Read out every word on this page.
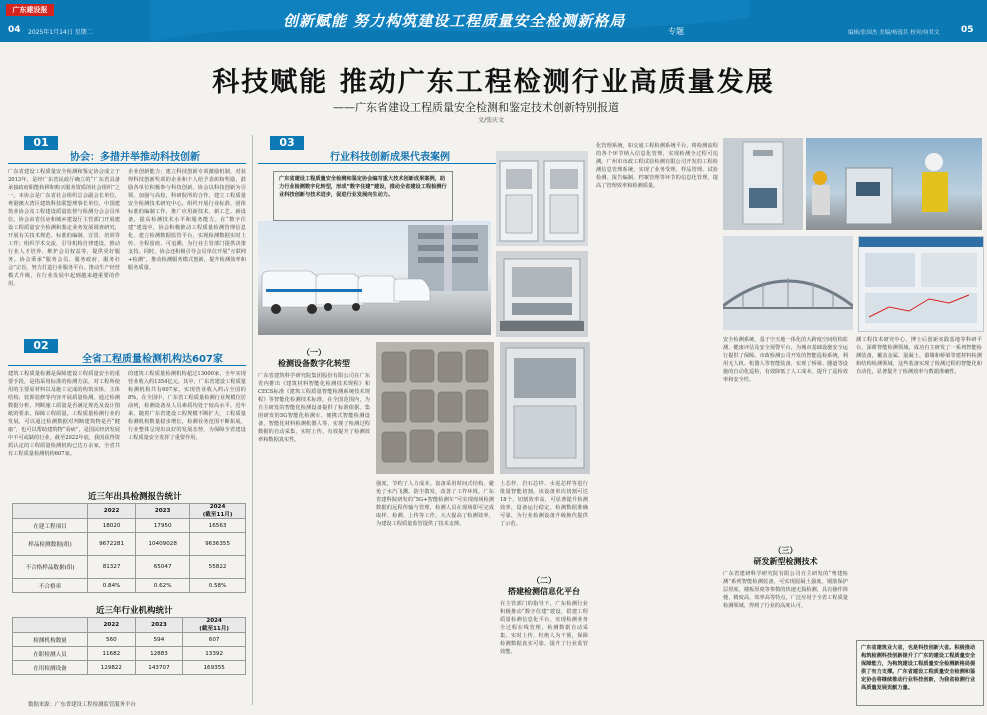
广东建设报
04 2025年1月14日 星期二
创新赋能 努力构筑建设工程质量安全检测新格局
专题	编辑/张国杰 美编/杨逸茗 校对/何君文 05
科技赋能 推动广东工程检测行业高质量发展
——广东省建设工程质量安全检测和鉴定技术创新特别报道
文/张庆文
01
协会：多措并举推动科技创新
广东省建设工程质量安全检测和鉴定协会成立于2013年，是经广东省民政厅确立的“广东省具备承接政府职能转移和购买服务资质的社会组织”之一。本协会是广东省社会组织总会副会长单位，粤港澳大湾区建筑科技联盟理事长单位，中国建筑业协会及工程建设质量监督与检测分会会员单位。协会由省住房和城乡建设厅主管部门开展建设工程质量安全检测和鉴定业务发展调查研究，开展有关技术规范、标准的编制、宣贯、培训等工作；组织学术交流、引导机构自律建设，推动行业人才培养、维护会员权益等，提供更好服务。协会秉承“服务会员、服务政府、服务社会”宗旨，努力打造行业服务平台、推动生产经营模式升级，在行业发展中起到越来越重要的作用。
企业创新能力；建立科技创新专项激励机制，对获得科技创新奖项的企业和个人给予表彰和奖励，鼓励各单位积极参与科技创新。协会以科技创新为引领，加强与高校、科研院所的合作，建立工程质量安全检测技术研究中心，组织开展行业标准、团体标准的编制工作，推广应用新技术、新工艺、新设备，提高检测技术水平和服务能力。在“数字住建”建设中，协会积极推动工程质量检测管理信息化，建立检测数据监管平台，实现检测数据实时上传、全程留痕、可追溯，为行业主管部门提供决策支持。同时，协会还积极引导会员单位开展“互联网+检测”，推动检测服务模式创新，提升检测效率和服务质量。
02
全省工程质量检测机构达607家
建筑工程质量检测是保障建设工程质量安全的重要手段，是指采用标准的检测方法，对工程所使用的主要原材料以及施工完成的构筑实体、主体结构、装饰装修等内容开展质量检测。通过检测数据分析，判断施工质量是否满足规范及设计图纸的要求，保障工程质量。工程质量检测行业的发展，可以通过检测数据对判断建筑物是否“健康”，也可以帮助建筑物“看病”，是国民经济发展中不可或缺的行业。截至2022年底，我国获得资质认定的工程质量检测机构已达万余家，全省共有工程质量检测机构607家。
的建筑工程质量检测机构超过13000家，全年实现营业收入约1354亿元。其中，广东省建设工程质量检测机构共有607家，实现营业收入约占全国的8%。在全国中，广东省工程质量检测行业规模位居前列，检测设备及人员素质均处于较高水平。近年来，随着广东省建设工程规模不断扩大，工程质量检测机构数量稳步增长，检测业务范围不断拓展，行业整体呈现出良好的发展态势，为保障全省建设工程质量安全发挥了重要作用。
近三年出具检测报告统计
	2022	2023	2024
(截至11月)
在建工程项目	18020	17950	16563
样品检测数据(组)	9672281	10409028	9636355
不合格样品数据(组)	81327	65047	55822
不合格率	0.84%	0.62%	0.58%
近三年行业机构统计
	2022	2023	2024
(截至11月)
检测机构数量	560	594	607
在职检测人员	11682	12883	13392
在用检测设备	129822	143707	169355
数据来源：广东省建设工程检测监管服务平台
03
行业科技创新成果代表案例
广东省建设工程质量安全检测和鉴定协会编写重大技术创新成果案例，助力行业检测数字化转型，形成“数字住建”建设，推动全省建设工程检测行业科技创新与技术进步，促进行业发展向生动力。
（一）
检测设备数字化转型
广东省建筑科学研究院集团股份有限公司在广东省内推出《建筑材料智能化检测技术规程》和CECS标准《建筑工程质量智能检测系统技术规程》等智能化检测技术标准，在全国范围内，为自主研发的智能化检测设备提供了标准依据。集团研发的5G智能化检测车、便携式智能检测设备、智能化材料检测机器人等，实现了检测过程数据的自动采集、实时上传，有效提升了检测效率和数据真实性。
强度，节约了人力成本。设备采用时间式结构，避免了水汽飞溅。防尘散发，改善了工作环境。广东省建科院研发的“5G+智能检测车”可实现现场检测数据的远程传输与管理，检测人员在现场即可完成取样、检测、上传等工作，大大提高了检测效率，为建设工程质量监管提供了技术支撑。
土芯样、岩石芯样、水泥芯样等进行批量智能切割。该设备单次切割可达18个，切割效率高，可显著提升检测效率，设备运行稳定，检测数据准确可靠，为行业检测设备升级换代提供了示范。
（二）
搭建检测信息化平台
在主管部门的指导下，广东检测行业积极推动“数字住建”建设，搭建工程质量检测信息化平台，实现检测业务全过程在线管理，检测数据自动采集、实时上传，杜绝人为干预，保障检测数据真实可靠，提升了行业监管效能。
化管理系统。如交通工程检测系统平台，将检测流程的各个环节纳入信息化管理，实现检测全过程可追溯。广州市市政工程试验检测有限公司开发的工程检测信息管理系统，实现了业务受理、样品管理、试验检测、报告编制、档案管理等环节的信息化管理，提高了管理效率和检测质量。
安全检测系统，基于空天地一体化的大跨度空间结构监测、健康评估及安全预警平台，为城市基础设施安全运行提供了保障。市政检测公司开发的智能巡检系统，利用无人机、机器人等智能装备，实现了桥梁、隧道等设施的自动化巡检，有效降低了人工成本，提升了巡检效率和安全性。
测工程技术研究中心，博士后创新实践基地等科研平台，深耕智能检测领域，成功自主研发了一系列智能检测装备，覆盖金属、混凝土、幕墙和桥梁等建材料检测和结构检测领域，这些装备实现了检测过程的智能化和自动化，显著提升了检测效率与数据准确性。
（三）
研发新型检测技术
广东省建研科学研究院有限公司自主研发的“粤建检测”系列智能检测装备，可实现混凝土强度、钢筋保护层厚度、楼板厚度等参数的快速无损检测，具有操作简便、精度高、效率高等特点，广泛应用于全省工程质量检测领域，得到了行业的高度认可。
广东省建筑业大省，也是科技创新大省。积极推动构筑检测科技创新提升了广东的建设工程质量安全保障能力，为构筑建设工程质量安全检测新格局提供了有力支撑。广东省建设工程质量安全检测和鉴定协会将继续推动行业科技创新，为我省检测行业高质量发展贡献力量。
